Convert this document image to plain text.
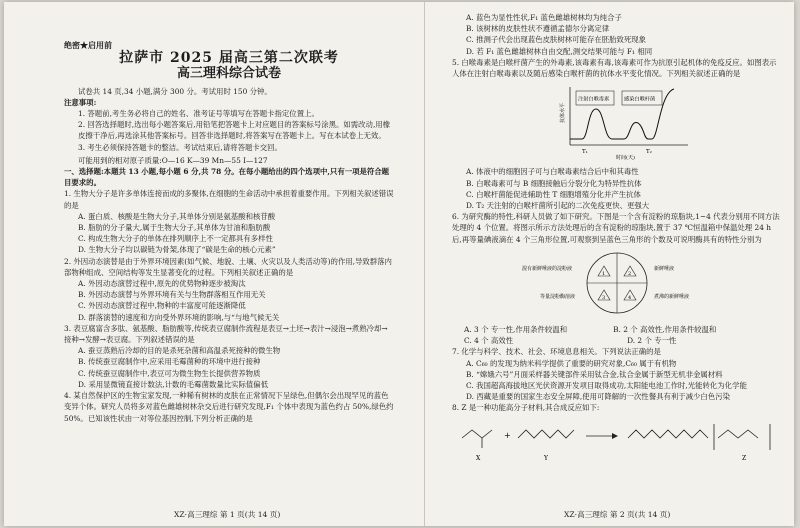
绝密★启用前
拉萨市 2025 届高三第二次联考
高三理科综合试卷

试卷共 14 页,34 小题,满分 300 分。考试用时 150 分钟。

注意事项:

1. 答题前,考生务必将自己的姓名、准考证号等填写在答题卡指定位置上。

2. 回答选择题时,选出每小题答案后,用铅笔把答题卡上对应题目的答案标号涂黑。如需改动,用橡皮擦干净后,再选涂其他答案标号。回答非选择题时,将答案写在答题卡上。写在本试卷上无效。

3. 考生必须保持答题卡的整洁。考试结束后,请将答题卡交回。

可能用到的相对原子质量:O—16 K—39 Mn—55 I—127

一、选择题:本题共 13 小题,每小题 6 分,共 78 分。在每小题给出的四个选项中,只有一项是符合题目要求的。

1. 生物大分子是许多单体连接而成的多聚体,在细胞的生命活动中承担着重要作用。下列相关叙述错误的是

A. 蛋白质、核酸是生物大分子,其单体分别是氨基酸和核苷酸

B. 脂肪的分子量大,属于生物大分子,其单体为甘油和脂肪酸

C. 构成生物大分子的单体在排列顺序上不一定都具有多样性

D. 生物大分子均以碳链为骨架,体现了“碳是生命的核心元素”

2. 外因动态演替是由于外界环境因素(如气候、地貌、土壤、火灾以及人类活动等)的作用,导致群落内部物种组成、空间结构等发生显著变化的过程。下列相关叙述正确的是

A. 外因动态演替过程中,原先的优势物种逐步被淘汰

B. 外因动态演替与外界环境有关与生物群落相互作用无关

C. 外因动态演替过程中,物种的丰富度可能逐渐降低

D. 群落演替的速度和方向受外界环境的影响,与“与地气候无关

3. 表豆腐富含多肽、氨基酸、脂肪酸等,传统表豆腐制作流程是表豆→土坯→表汁→浸泡→煮熟冷却→接种→发酵→表豆腐。下列叙述错误的是

A. 蚕豆蒸熟后冷却的目的是杀死杂菌和高温杀死接种的微生物

B. 传统蚕豆腐制作中,应采用毛霉菌种的环境中进行接种

C. 传统蚕豆腐制作中,表豆可为微生物生长提供营养物质

D. 采用显微镜直接计数法,计数的毛霉菌数量比实际值偏低

4. 某自然保护区的生物宝家发现,一种稀有树林的皮肤在正常情况下呈绿色,但偶尔会出现罕见的蓝色变异个体。研究人员将多对蓝色雌雄树林杂交后进行研究发现,F₁ 个体中表现为蓝色约占 50%,绿色约 50%。已知该性状由一对等位基因控制,下列分析正确的是

A. 蓝色为显性性状,F₁ 蓝色雌雄树林均为纯合子

B. 该树林的皮肤性状不遵循孟德尔分离定律

C. 推测子代会出现蓝色皮肤树林可能存在胚胎致死现象

D. 若 F₁ 蓝色雌雄树林自由交配,测交结果可能与 F₁ 相同

5. 白喉毒素是白喉杆菌产生的外毒素,该毒素有毒,该毒素可作为抗原引起机体的免疫反应。如图表示人体在注射白喉毒素以及随后感染白喉杆菌的抗体水平变化情况。下列相关叙述正确的是

注射白喉毒素	感染白喉杆菌
抗体水平
T₁	T₂
时间(天)

A. 体液中的细胞因子可与白喉毒素结合后中和其毒性

B. 白喉毒素可与 B 细胞接触后分裂分化为特异性抗体

C. 白喉杆菌能促进辅助性 T 细胞增殖分化并产生抗体

D. T₂ 天注射的白喉杆菌所引起的二次免疫更快、更强大

6. 为研究酶的特性,科研人员做了如下研究。下图是一个含有淀粉的琼脂块,1~4 代表分别用不同方法处理的 4 个位置。将图示所示方法处理后的含有淀粉的琼脂块,置于 37 ℃恒温箱中保温处理 24 h 后,再等量碘液滴在 4 个三角形位置,可观察到呈蓝色三角形的个数及可说明酶具有的特性分别为

1	2
3	4
混有新鲜唾液的淀粉液	新鲜唾液
等量淀粉酶溶液	煮沸的新鲜唾液
A. 3 个 专一性,作用条件较温和	B. 2 个 高效性,作用条件较温和
C. 4 个 高效性	D. 2 个 专一性

7. 化学与科学、技术、社会、环境息息相关。下列说法正确的是

A. C₆₀ 的发现为纳米科学提供了重要的研究对象,C₆₀ 属于有机物

B. “嫦娥六号”月面采样器关键部件采用钛合金,钛合金属于新型无机非金属材料

C. 我国超高海拔地区光伏资源开发项目取得成功,太阳能电池工作时,光能转化为化学能

D. 西藏是重要的国家生态安全屏障,使用可降解的一次性餐具有利于减少白色污染

8. Z 是一种功能高分子材料,其合成反应如下:

X
+
Y	Z
XZ·高三理综 第 1 页(共 14 页)	XZ·高三理综 第 2 页(共 14 页)
